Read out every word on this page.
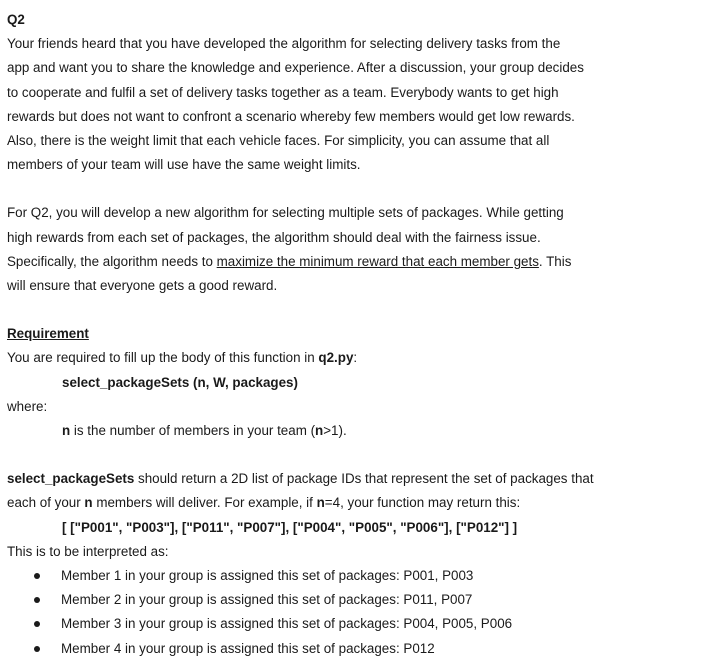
Q2
Your friends heard that you have developed the algorithm for selecting delivery tasks from the
app and want you to share the knowledge and experience. After a discussion, your group decides
to cooperate and fulfil a set of delivery tasks together as a team. Everybody wants to get high
rewards but does not want to confront a scenario whereby few members would get low rewards.
Also, there is the weight limit that each vehicle faces. For simplicity, you can assume that all
members of your team will use have the same weight limits.
For Q2, you will develop a new algorithm for selecting multiple sets of packages. While getting
high rewards from each set of packages, the algorithm should deal with the fairness issue.
Specifically, the algorithm needs to maximize the minimum reward that each member gets. This
will ensure that everyone gets a good reward.
Requirement
You are required to fill up the body of this function in q2.py:
select_packageSets (n, W, packages)
where:
n is the number of members in your team (n>1).
select_packageSets should return a 2D list of package IDs that represent the set of packages that
each of your n members will deliver. For example, if n=4, your function may return this:
[ ["P001", "P003"], ["P011", "P007"], ["P004", "P005", "P006"], ["P012"] ]
This is to be interpreted as:
Member 1 in your group is assigned this set of packages: P001, P003
Member 2 in your group is assigned this set of packages: P011, P007
Member 3 in your group is assigned this set of packages: P004, P005, P006
Member 4 in your group is assigned this set of packages: P012
